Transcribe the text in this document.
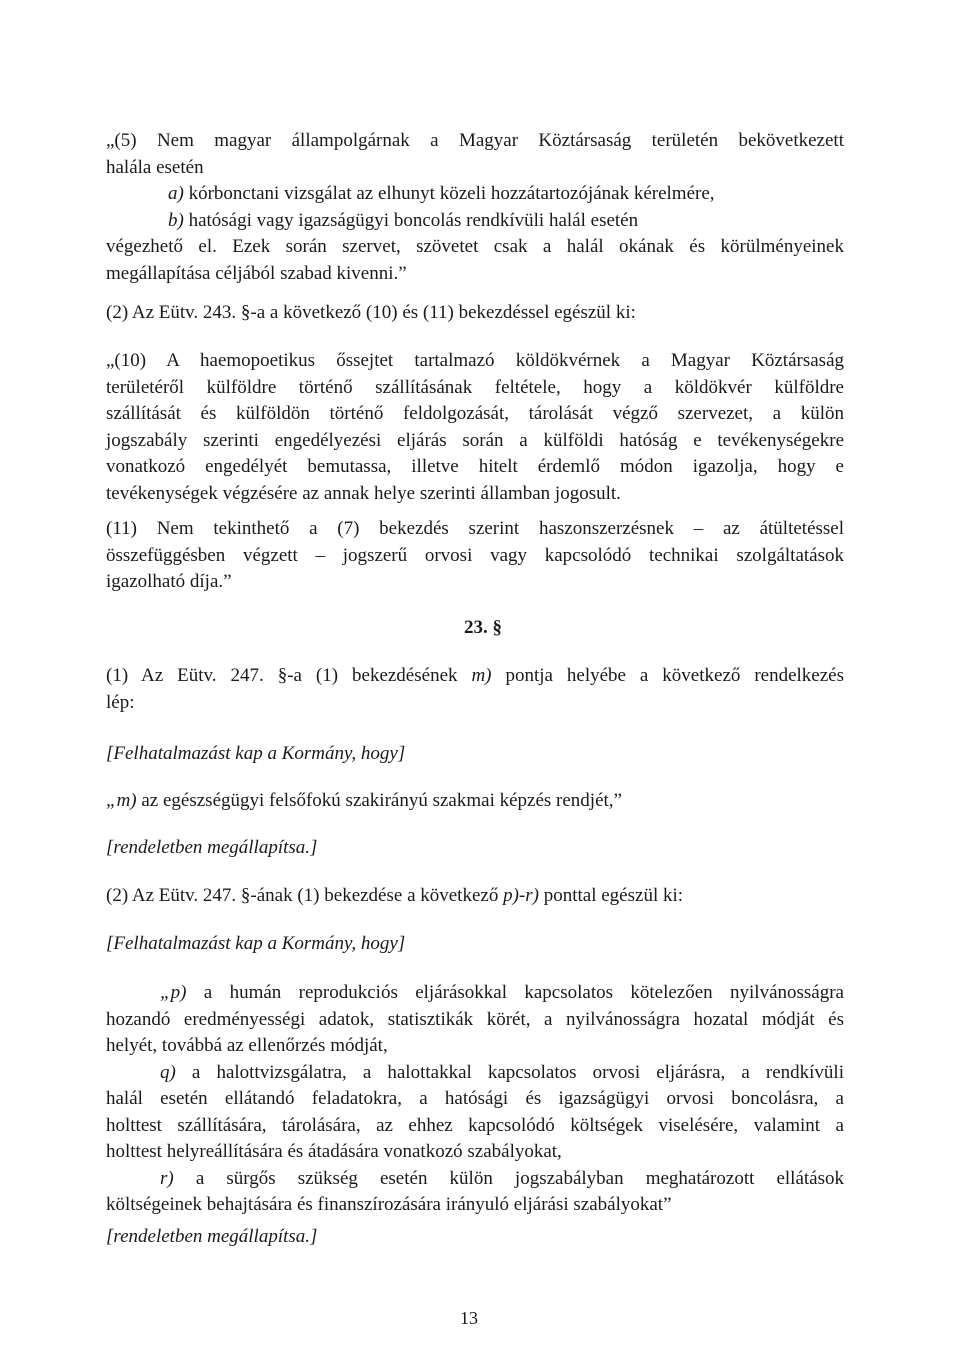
„(5) Nem magyar állampolgárnak a Magyar Köztársaság területén bekövetkezett
halála esetén
a) kórbonctani vizsgálat az elhunyt közeli hozzátartozójának kérelmére,
b) hatósági vagy igazságügyi boncolás rendkívüli halál esetén
végezhető el. Ezek során szervet, szövetet csak a halál okának és körülményeinek
megállapítása céljából szabad kivenni.”
(2) Az Eütv. 243. §-a a következő (10) és (11) bekezdéssel egészül ki:
„(10) A haemopoetikus őssejtet tartalmazó köldökvérnek a Magyar Köztársaság
területéről külföldre történő szállításának feltétele, hogy a köldökvér külföldre
szállítását és külföldön történő feldolgozását, tárolását végző szervezet, a külön
jogszabály szerinti engedélyezési eljárás során a külföldi hatóság e tevékenységekre
vonatkozó engedélyét bemutassa, illetve hitelt érdemlő módon igazolja, hogy e
tevékenységek végzésére az annak helye szerinti államban jogosult.
(11) Nem tekinthető a (7) bekezdés szerint haszonszerzésnek – az átültetéssel
összefüggésben végzett – jogszerű orvosi vagy kapcsolódó technikai szolgáltatások
igazolható díja.”
23. §
(1) Az Eütv. 247. §-a (1) bekezdésének m) pontja helyébe a következő rendelkezés
lép:
[Felhatalmazást kap a Kormány, hogy]
„m) az egészségügyi felsőfokú szakirányú szakmai képzés rendjét,”
[rendeletben megállapítsa.]
(2) Az Eütv. 247. §-ának (1) bekezdése a következő p)-r) ponttal egészül ki:
[Felhatalmazást kap a Kormány, hogy]
„p) a humán reprodukciós eljárásokkal kapcsolatos kötelezően nyilvánosságra
hozandó eredményességi adatok, statisztikák körét, a nyilvánosságra hozatal módját és
helyét, továbbá az ellenőrzés módját,
q) a halottvizsgálatra, a halottakkal kapcsolatos orvosi eljárásra, a rendkívüli
halál esetén ellátandó feladatokra, a hatósági és igazságügyi orvosi boncolásra, a
holttest szállítására, tárolására, az ehhez kapcsolódó költségek viselésére, valamint a
holttest helyreállítására és átadására vonatkozó szabályokat,
r) a sürgős szükség esetén külön jogszabályban meghatározott ellátások
költségeinek behajtására és finanszírozására irányuló eljárási szabályokat”
[rendeletben megállapítsa.]
13
